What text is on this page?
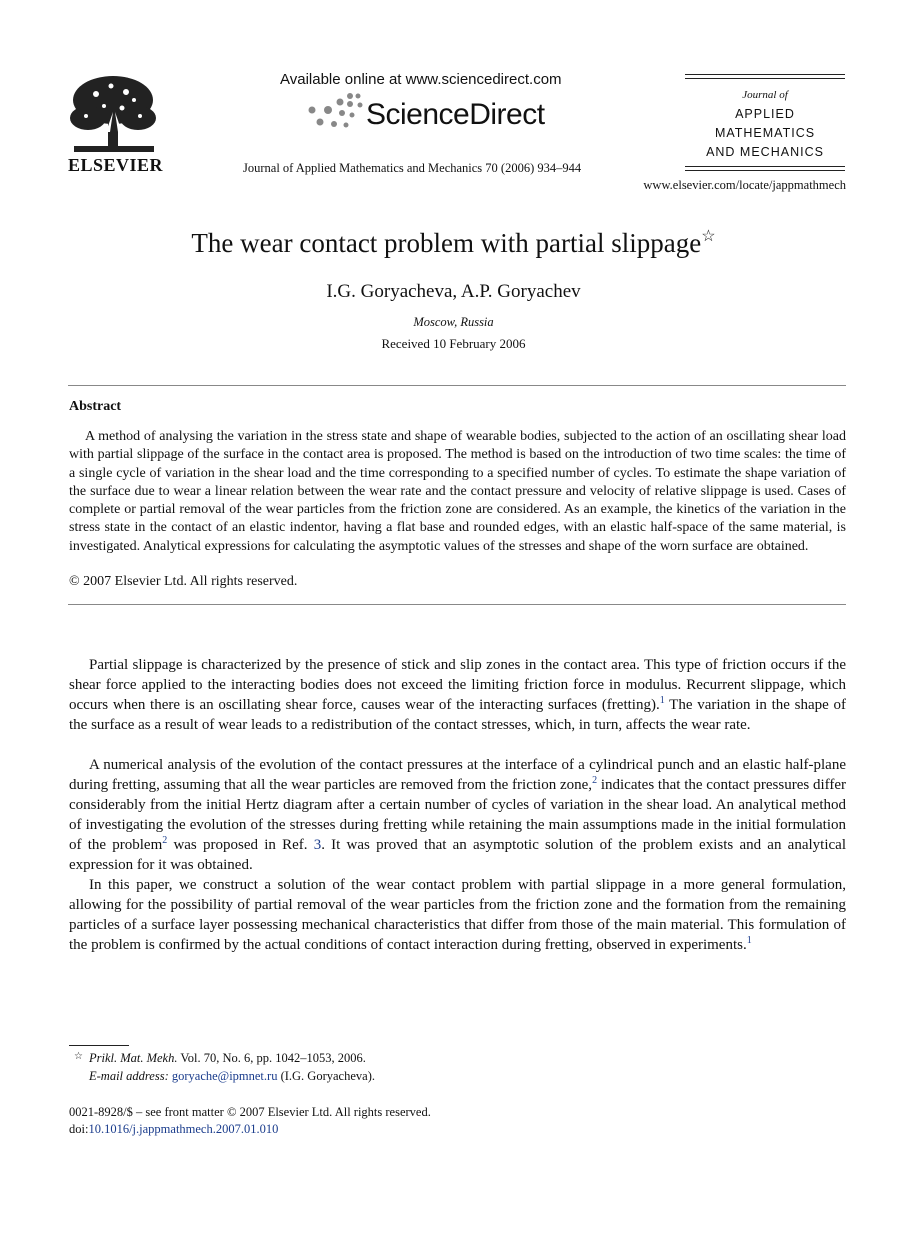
ELSEVIER
Available online at www.sciencedirect.com
ScienceDirect
Journal of Applied Mathematics and Mechanics 70 (2006) 934–944
Journal of
APPLIED
MATHEMATICS
AND MECHANICS
www.elsevier.com/locate/jappmathmech
The wear contact problem with partial slippage☆
I.G. Goryacheva, A.P. Goryachev
Moscow, Russia
Received 10 February 2006
Abstract

A method of analysing the variation in the stress state and shape of wearable bodies, subjected to the action of an oscillating shear load with partial slippage of the surface in the contact area is proposed. The method is based on the introduction of two time scales: the time of a single cycle of variation in the shear load and the time corresponding to a specified number of cycles. To estimate the shape variation of the surface due to wear a linear relation between the wear rate and the contact pressure and velocity of relative slippage is used. Cases of complete or partial removal of the wear particles from the friction zone are considered. As an example, the kinetics of the variation in the stress state in the contact of an elastic indentor, having a flat base and rounded edges, with an elastic half-space of the same material, is investigated. Analytical expressions for calculating the asymptotic values of the stresses and shape of the worn surface are obtained.

© 2007 Elsevier Ltd. All rights reserved.

Partial slippage is characterized by the presence of stick and slip zones in the contact area. This type of friction occurs if the shear force applied to the interacting bodies does not exceed the limiting friction force in modulus. Recurrent slippage, which occurs when there is an oscillating shear force, causes wear of the interacting surfaces (fretting).$^1$ The variation in the shape of the surface as a result of wear leads to a redistribution of the contact stresses, which, in turn, affects the wear rate.

A numerical analysis of the evolution of the contact pressures at the interface of a cylindrical punch and an elastic half-plane during fretting, assuming that all the wear particles are removed from the friction zone,$^2$ indicates that the contact pressures differ considerably from the initial Hertz diagram after a certain number of cycles of variation in the shear load. An analytical method of investigating the evolution of the stresses during fretting while retaining the main assumptions made in the initial formulation of the problem$^2$ was proposed in Ref. 3. It was proved that an asymptotic solution of the problem exists and an analytical expression for it was obtained.

In this paper, we construct a solution of the wear contact problem with partial slippage in a more general formulation, allowing for the possibility of partial removal of the wear particles from the friction zone and the formation from the remaining particles of a surface layer possessing mechanical characteristics that differ from those of the main material. This formulation of the problem is confirmed by the actual conditions of contact interaction during fretting, observed in experiments.$^1$

☆ Prikl. Mat. Mekh. Vol. 70, No. 6, pp. 1042–1053, 2006.
E-mail address: goryache@ipmnet.ru (I.G. Goryacheva).
0021-8928/$ – see front matter © 2007 Elsevier Ltd. All rights reserved.
doi:10.1016/j.jappmathmech.2007.01.010
